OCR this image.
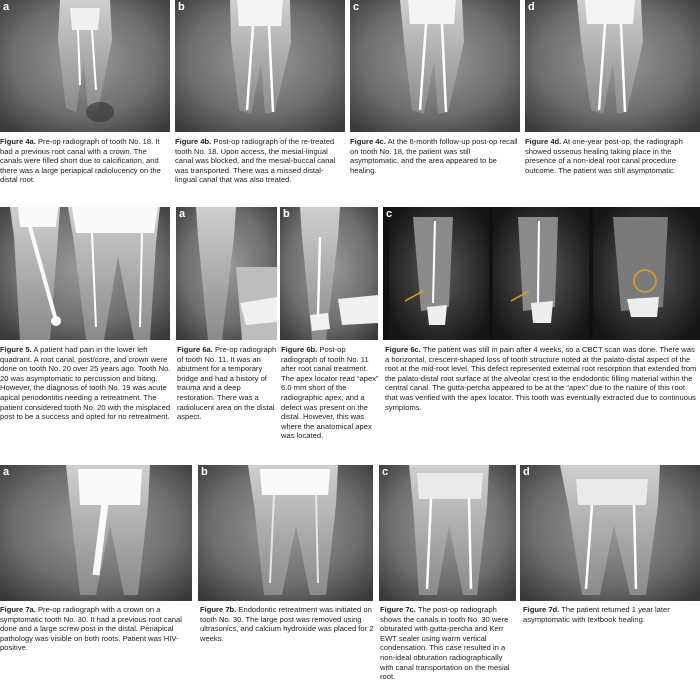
a	b	c	d
Figure 4a. Pre-op radiograph of tooth No. 18. It had a previous root canal with a crown. The canals were filled short due to calcification, and there was a large periapical radiolucency on the distal root.
Figure 4b. Post-op radiograph of the re-treated tooth No. 18. Upon access, the mesial-lingual canal was blocked, and the mesial-buccal canal was transported. There was a missed distal-lingual canal that was also treated.
Figure 4c. At the 6-month follow-up post-op recall on tooth No. 18, the patient was still asymptomatic, and the area appeared to be healing.
Figure 4d. At one-year post-op, the radiograph showed osseous healing taking place in the presence of a non-ideal root canal procedure outcome. The patient was still asymptomatic.
a	b	c
Figure 5. A patient had pain in the lower left quadrant. A root canal, post/core, and crown were done on tooth No. 20 over 25 years ago. Tooth No. 20 was asymptomatic to percussion and biting. However, the diagnosis of tooth No. 19 was acute apical periodontitis needing a retreatment. The patient considered tooth No. 20 with the misplaced post to be a success and opted for no retreatment.
Figure 6a. Pre-op radiograph of tooth No. 11. It was an abutment for a temporary bridge and had a history of trauma and a deep restoration. There was a radiolucent area on the distal aspect.
Figure 6b. Post-op radiograph of tooth No. 11 after root canal treatment. The apex locator read “apex” 6.0 mm short of the radiographic apex, and a defect was present on the distal. However, this was where the anatomical apex was located.
Figure 6c. The patient was still in pain after 4 weeks, so a CBCT scan was done. There was a horizontal, crescent-shaped loss of tooth structure noted at the palato-distal aspect of the root at the mid-root level. This defect represented external root resorption that extended from the palato-distal root surface at the alveolar crest to the endodontic filling material within the central canal. The gutta-percha appeared to be at the “apex” due to the nature of this root that was verified with the apex locator. This tooth was eventually extracted due to continuous symptoms.
a	b	c	d
Figure 7a. Pre-op radiograph with a crown on a symptomatic tooth No. 30. It had a previous root canal done and a large screw post in the distal. Periapical pathology was visible on both roots. Patient was HIV-positive.
Figure 7b. Endodontic retreatment was initiated on tooth No. 30. The large post was removed using ultrasonics, and calcium hydroxide was placed for 2 weeks.
Figure 7c. The post-op radiograph shows the canals in tooth No. 30 were obturated with gutta-percha and Kerr EWT sealer using warm vertical condensation. This case resulted in a non-ideal obturation radiographically with canal transportation on the mesial root.
Figure 7d. The patient returned 1 year later asymptomatic with textbook healing.
